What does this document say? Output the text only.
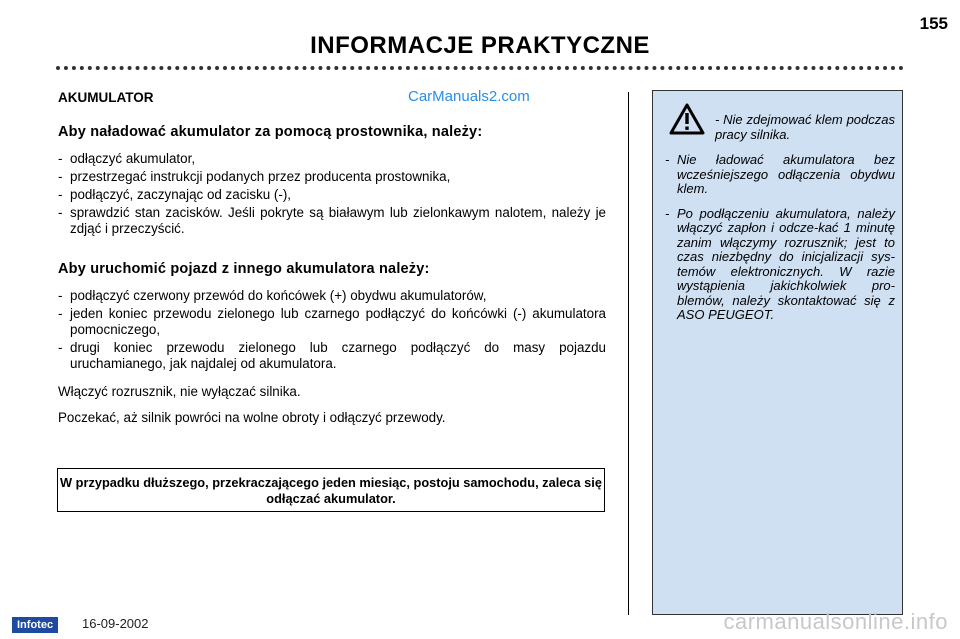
155
INFORMACJE PRAKTYCZNE
CarManuals2.com
AKUMULATOR
Aby naładować akumulator za pomocą prostownika, należy:
- odłączyć akumulator,
- przestrzegać instrukcji podanych przez producenta prostownika,
- podłączyć, zaczynając od zacisku (-),
- sprawdzić stan zacisków. Jeśli pokryte są białawym lub zielonkawym nalotem, należy je zdjąć i przeczyścić.
Aby uruchomić pojazd z innego akumulatora należy:
- podłączyć czerwony przewód do końcówek (+) obydwu akumulatorów,
- jeden koniec przewodu zielonego lub czarnego podłączyć do końcówki (-) akumulatora pomocniczego,
- drugi koniec przewodu zielonego lub czarnego podłączyć do masy pojazdu uruchamianego, jak najdalej od akumulatora.

Włączyć rozrusznik, nie wyłączać silnika.

Poczekać, aż silnik powróci na wolne obroty i odłączyć przewody.

W przypadku dłuższego, przekraczającego jeden miesiąc, postoju samochodu, zaleca się odłączać akumulator.
- Nie zdejmować klem podczas pracy silnika.
- Nie ładować akumulatora bez wcześniejszego odłączenia obydwu klem.
- Po podłączeniu akumulatora, należy włączyć zapłon i odcze-kać 1 minutę zanim włączymy rozrusznik; jest to czas niezbędny do inicjalizacji sys-temów elektronicznych. W razie wystąpienia jakichkolwiek pro-blemów, należy skontaktować się z ASO PEUGEOT.
Infotec	16-09-2002	carmanualsonline.info
